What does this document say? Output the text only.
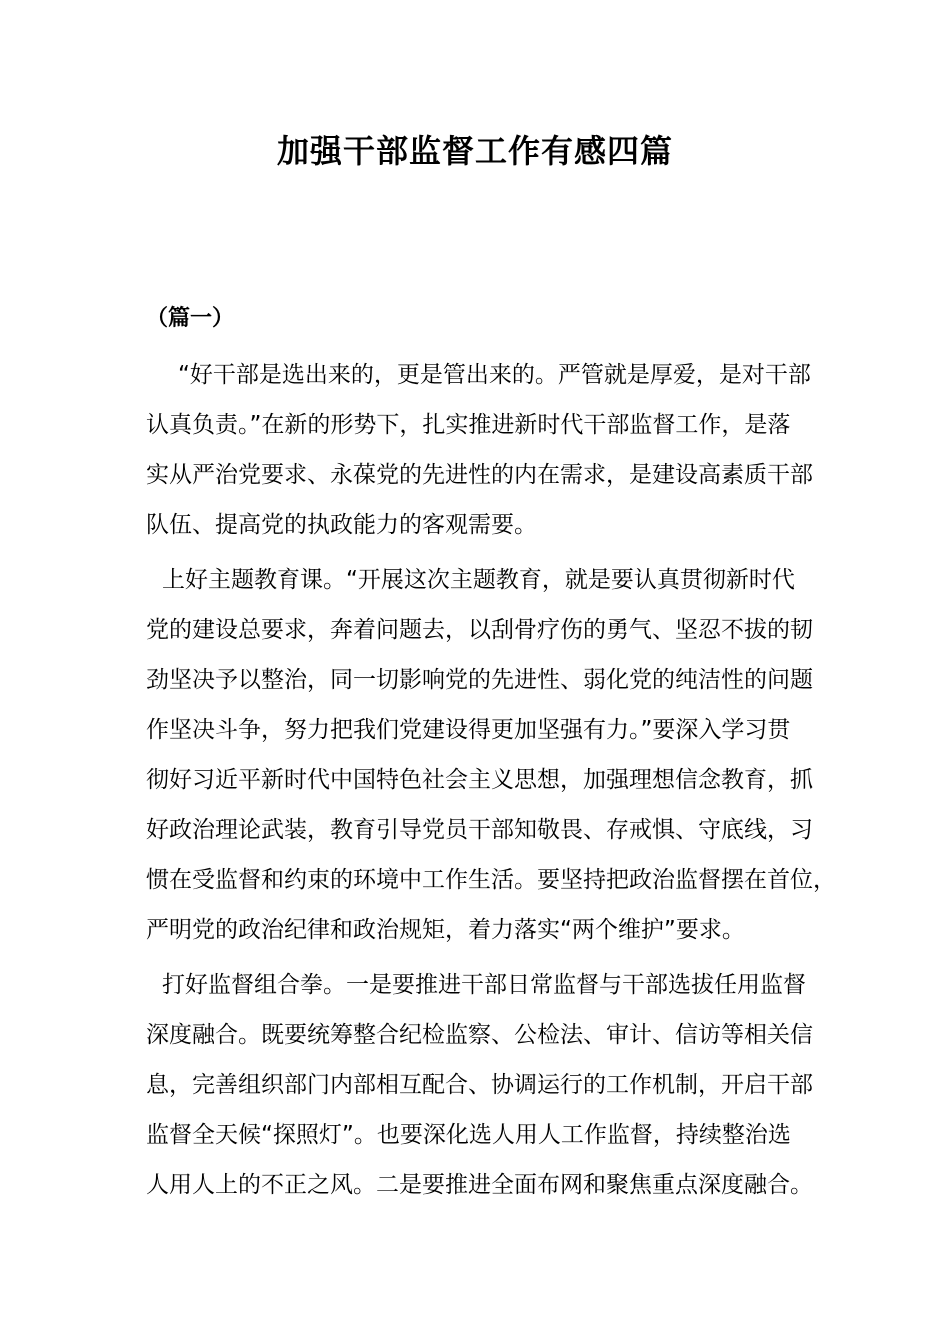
加强干部监督工作有感四篇
（篇一）

“好干部是选出来的，更是管出来的。严管就是厚爱，是对干部
认真负责。”在新的形势下，扎实推进新时代干部监督工作，是落
实从严治党要求、永葆党的先进性的内在需求，是建设高素质干部
队伍、提高党的执政能力的客观需要。

上好主题教育课。“开展这次主题教育，就是要认真贯彻新时代
党的建设总要求，奔着问题去，以刮骨疗伤的勇气、坚忍不拔的韧
劲坚决予以整治，同一切影响党的先进性、弱化党的纯洁性的问题
作坚决斗争，努力把我们党建设得更加坚强有力。”要深入学习贯
彻好习近平新时代中国特色社会主义思想，加强理想信念教育，抓
好政治理论武装，教育引导党员干部知敬畏、存戒惧、守底线，习
惯在受监督和约束的环境中工作生活。要坚持把政治监督摆在首位，
严明党的政治纪律和政治规矩，着力落实“两个维护”要求。

打好监督组合拳。一是要推进干部日常监督与干部选拔任用监督
深度融合。既要统筹整合纪检监察、公检法、审计、信访等相关信
息，完善组织部门内部相互配合、协调运行的工作机制，开启干部
监督全天候“探照灯”。也要深化选人用人工作监督，持续整治选
人用人上的不正之风。二是要推进全面布网和聚焦重点深度融合。
